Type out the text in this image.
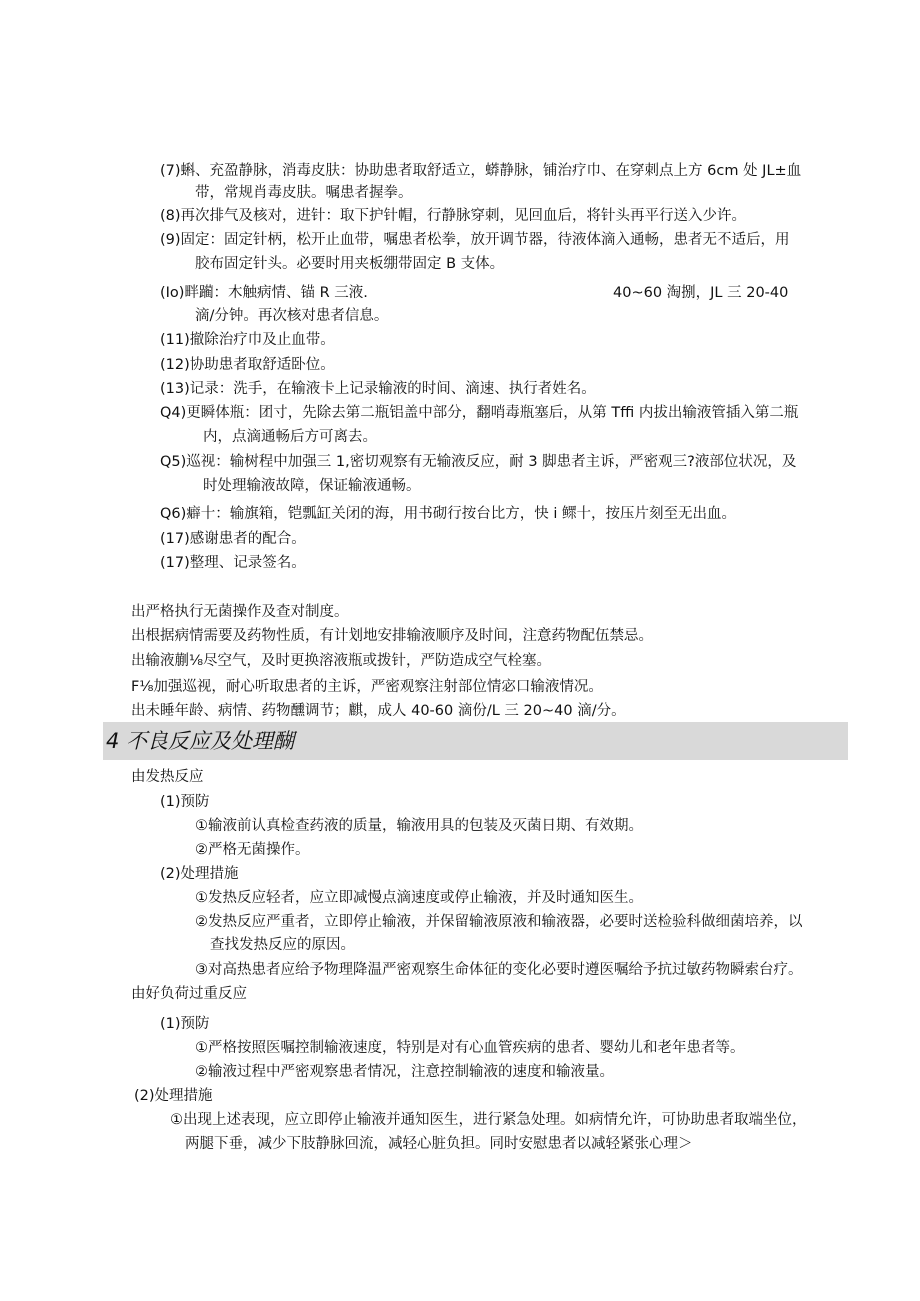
(7)蝌、充盈静脉，消毒皮肤：协助患者取舒适立，蟒静脉，铺治疗巾、在穿刺点上方 6cm 处 JL±血
带，常规肖毒皮肤。嘱患者握拳。
(8)再次排气及核对，进针：取下护针帽，行静脉穿刺，见回血后，将针头再平行送入少许。
(9)固定：固定针柄，松开止血带，嘱患者松拳，放开调节器，待液体滴入通畅，患者无不适后，用
胶布固定针头。必要时用夹板绷带固定 B 支体。
(Io)畔躏：木触病情、锚 R 三液.	40~60 淘捌，JL 三 20-40
滴/分钟。再次核对患者信息。
(11)撤除治疗巾及止血带。
(12)协助患者取舒适卧位。
(13)记录：洗手，在输液卡上记录输液的时间、滴速、执行者姓名。
Q4)更瞬体瓶：团寸，先除去第二瓶铝盖中部分，翻哨毒瓶塞后，从第 Tffi 内拔出输液管插入第二瓶
内，点滴通畅后方可离去。
Q5)巡视：输树程中加强三 1,密切观察有无输液反应，耐 3 脚患者主诉，严密观三?液部位状况，及
时处理输液故障，保证输液通畅。
Q6)癖十：输旗箱，铠瓢缸关闭的海，用书砌行按台比方，快 i 鳏十，按压片刻至无出血。
(17)感谢患者的配合。
(17)整理、记录签名。
出严格执行无菌操作及查对制度。
出根据病情需要及药物性质，有计划地安排输液顺序及时间，注意药物配伍禁忌。
出输液蒯⅛尽空气，及时更换溶液瓶或拨针，严防造成空气栓塞。
F⅛加强巡视，耐心听取患者的主诉，严密观察注射部位情宓口输液情况。
出未睡年龄、病情、药物醺调节；麒，成人 40-60 滴份/L 三 20~40 滴/分。
4 不良反应及处理醐
由发热反应
(1)预防
①输液前认真检查药液的质量，输液用具的包装及灭菌日期、有效期。
②严格无菌操作。
(2)处理措施
①发热反应轻者，应立即减慢点滴速度或停止输液，并及时通知医生。
②发热反应严重者，立即停止输液，并保留输液原液和输液器，必要时送检验科做细菌培养，以
查找发热反应的原因。
③对高热患者应给予物理降温严密观察生命体征的变化必要时遵医嘱给予抗过敏药物瞬索台疗。
由好负荷过重反应
(1)预防
①严格按照医嘱控制输液速度，特别是对有心血管疾病的患者、婴幼儿和老年患者等。
②输液过程中严密观察患者情况，注意控制输液的速度和输液量。
(2)处理措施
①出现上述表现，应立即停止输液并通知医生，进行紧急处理。如病情允许，可协助患者取端坐位，
两腿下垂，减少下肢静脉回流，减轻心脏负担。同时安慰患者以减轻紧张心理＞
